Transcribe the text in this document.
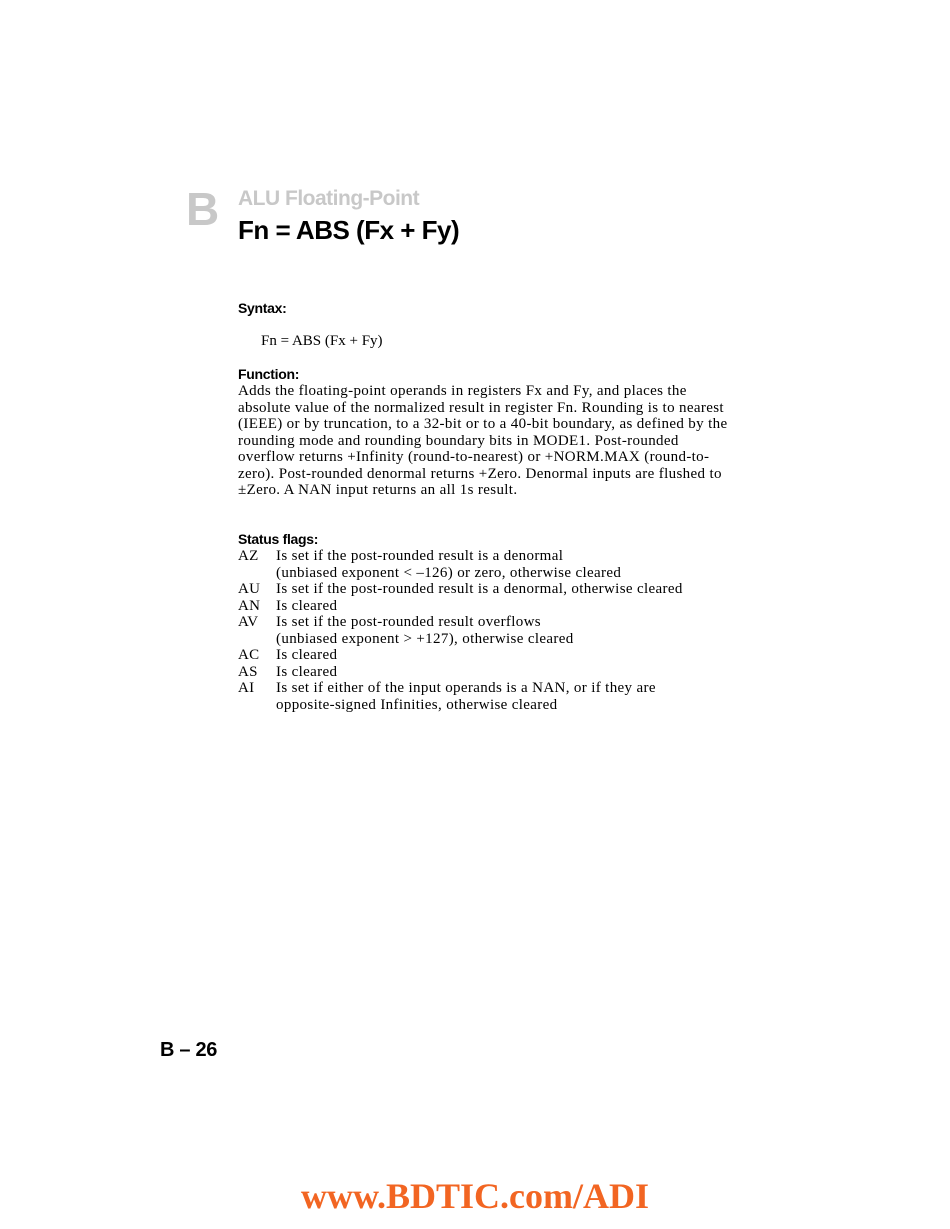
B ALU Floating-Point
Fn = ABS (Fx + Fy)
Syntax:
Fn = ABS (Fx + Fy)
Function:

Adds the floating-point operands in registers Fx and Fy, and places the absolute value of the normalized result in register Fn. Rounding is to nearest (IEEE) or by truncation, to a 32-bit or to a 40-bit boundary, as defined by the rounding mode and rounding boundary bits in MODE1. Post-rounded overflow returns +Infinity (round-to-nearest) or +NORM.MAX (round-to-zero). Post-rounded denormal returns +Zero. Denormal inputs are flushed to ±Zero. A NAN input returns an all 1s result.

Status flags:
AZ	Is set if the post-rounded result is a denormal
(unbiased exponent < –126) or zero, otherwise cleared
AU	Is set if the post-rounded result is a denormal, otherwise cleared
AN	Is cleared
AV	Is set if the post-rounded result overflows
(unbiased exponent > +127), otherwise cleared
AC	Is cleared
AS	Is cleared
AI	Is set if either of the input operands is a NAN, or if they are
opposite-signed Infinities, otherwise cleared
B – 26
www.BDTIC.com/ADI
